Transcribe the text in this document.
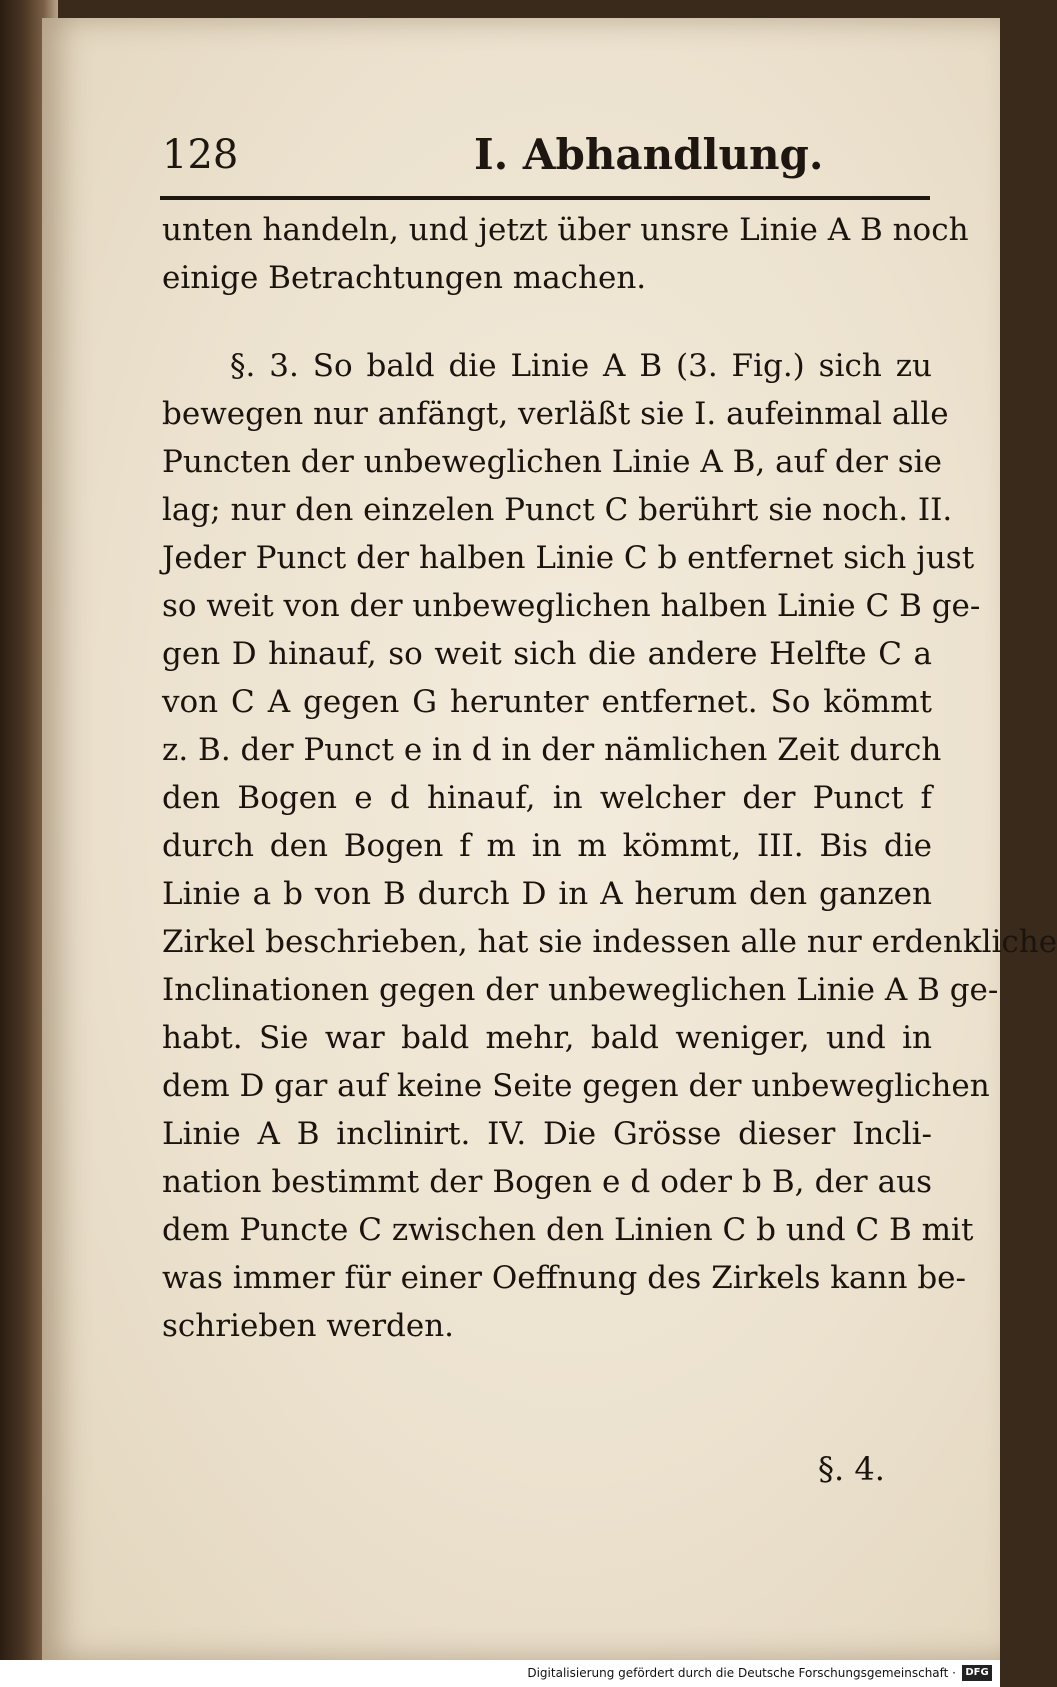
128	I. Abhandlung.
unten handeln, und jetzt über unsre Linie A B noch
einige Betrachtungen machen.
§. 3. So bald die Linie A B (3. Fig.) sich zu
bewegen nur anfängt, verläßt sie I. aufeinmal alle
Puncten der unbeweglichen Linie A B, auf der sie
lag; nur den einzelen Punct C berührt sie noch. II.
Jeder Punct der halben Linie C b entfernet sich just
so weit von der unbeweglichen halben Linie C B ge-
gen D hinauf, so weit sich die andere Helfte C a
von C A gegen G herunter entfernet. So kömmt
z. B. der Punct e in d in der nämlichen Zeit durch
den Bogen e d hinauf, in welcher der Punct f
durch den Bogen f m in m kömmt, III. Bis die
Linie a b von B durch D in A herum den ganzen
Zirkel beschrieben, hat sie indessen alle nur erdenkliche
Inclinationen gegen der unbeweglichen Linie A B ge-
habt. Sie war bald mehr, bald weniger, und in
dem D gar auf keine Seite gegen der unbeweglichen
Linie A B inclinirt. IV. Die Grösse dieser Incli-
nation bestimmt der Bogen e d oder b B, der aus
dem Puncte C zwischen den Linien C b und C B mit
was immer für einer Oeffnung des Zirkels kann be-
schrieben werden.
§. 4.
Digitalisierung gefördert durch die Deutsche Forschungsgemeinschaft · DFG
